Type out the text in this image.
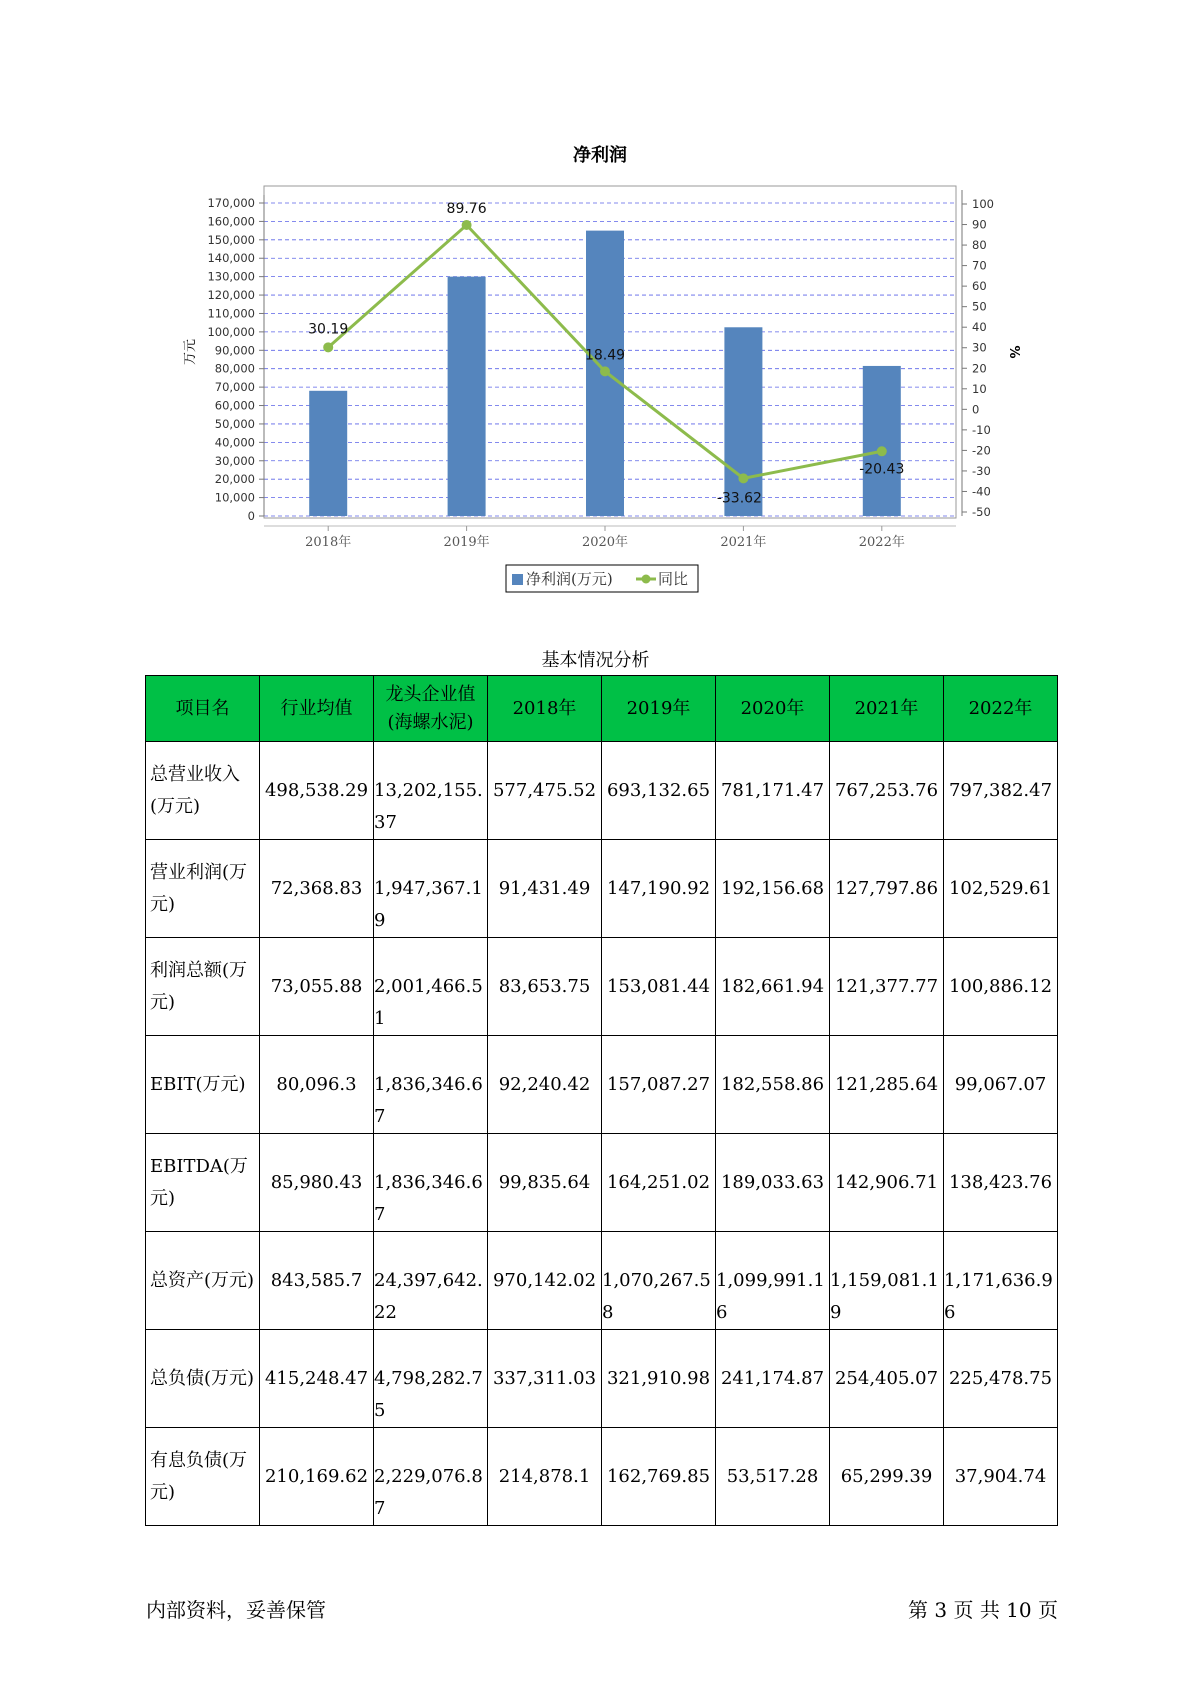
净利润
0
10,000
20,000
30,000
40,000
50,000
60,000
70,000
80,000
90,000
100,000
110,000
120,000
130,000
140,000
150,000
160,000
170,000
-50
-40
-30
-20
-10
0
10
20
30
40
50
60
70
80
90
100
30.19
89.76
18.49
-33.62
-20.43
2018年	2019年	2020年	2021年	2022年
万元	%
净利润(万元)	同比
基本情况分析
项目名	行业均值	龙头企业值(海螺水泥)	2018年	2019年	2020年	2021年	2022年
总营业收入(万元)	498,538.29	13,202,155.37	577,475.52	693,132.65	781,171.47	767,253.76	797,382.47
营业利润(万元)	72,368.83	1,947,367.19	91,431.49	147,190.92	192,156.68	127,797.86	102,529.61
利润总额(万元)	73,055.88	2,001,466.51	83,653.75	153,081.44	182,661.94	121,377.77	100,886.12
EBIT(万元)	80,096.3	1,836,346.67	92,240.42	157,087.27	182,558.86	121,285.64	99,067.07
EBITDA(万元)	85,980.43	1,836,346.67	99,835.64	164,251.02	189,033.63	142,906.71	138,423.76
总资产(万元)	843,585.7	24,397,642.22	970,142.02	1,070,267.58	1,099,991.16	1,159,081.19	1,171,636.96
总负债(万元)	415,248.47	4,798,282.75	337,311.03	321,910.98	241,174.87	254,405.07	225,478.75
有息负债(万元)	210,169.62	2,229,076.87	214,878.1	162,769.85	53,517.28	65,299.39	37,904.74
内部资料，妥善保管	第 3 页 共 10 页
